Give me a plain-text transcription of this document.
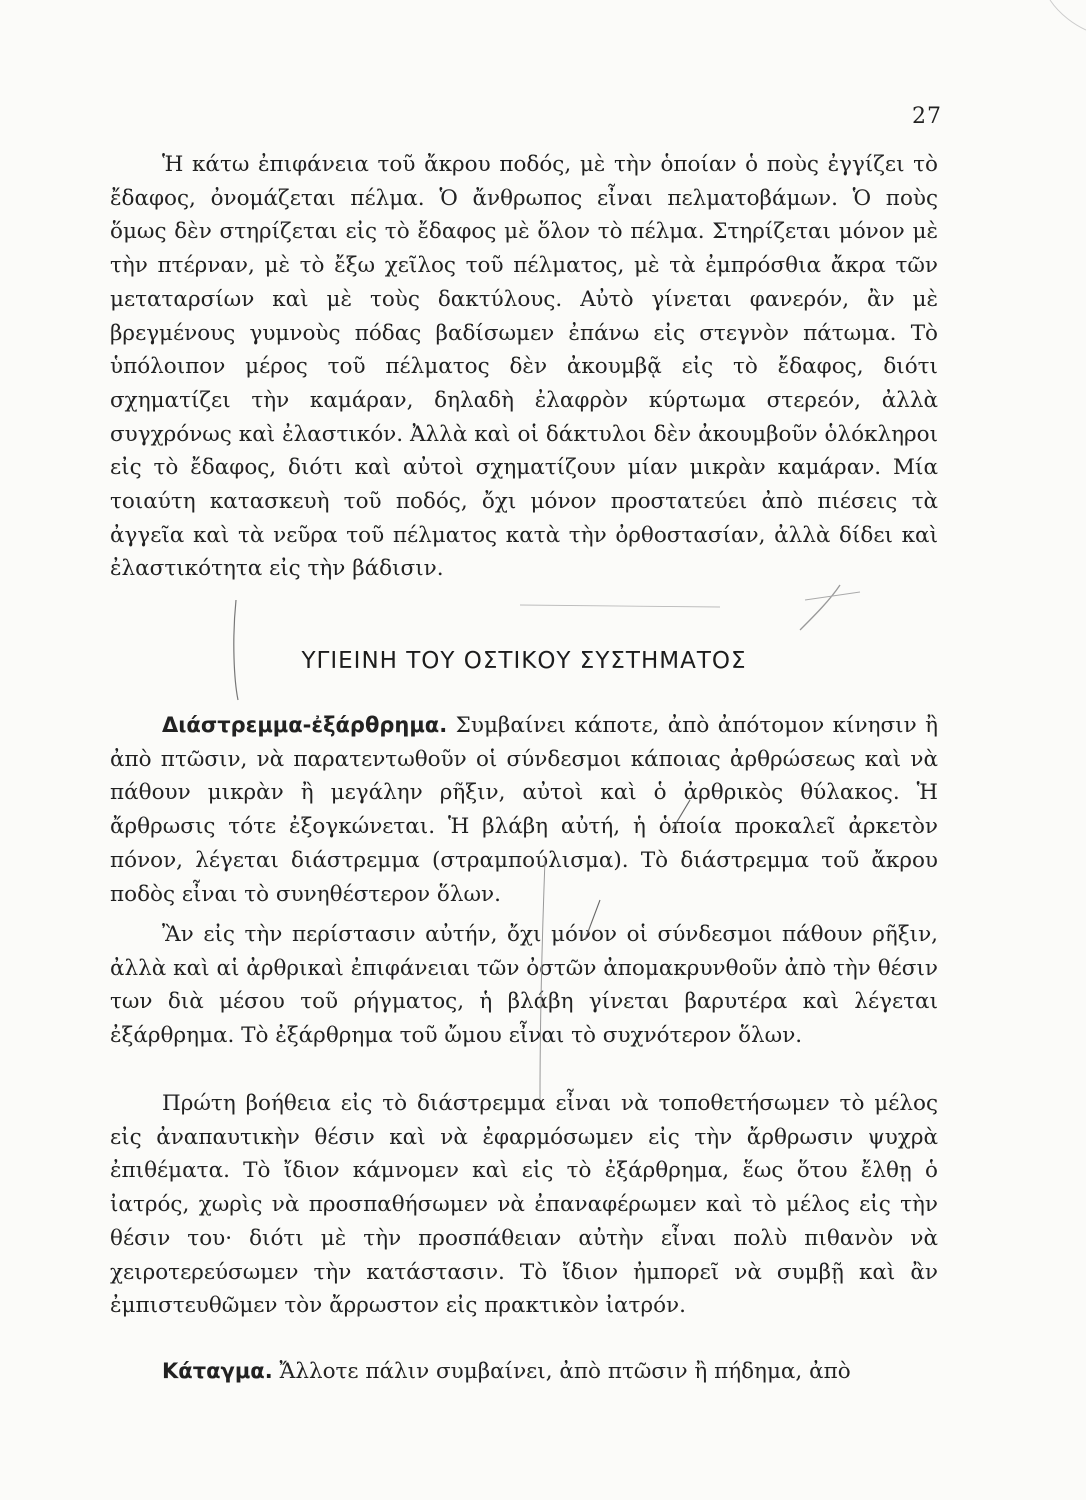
27

Ἡ κάτω ἐπιφάνεια τοῦ ἄκρου ποδός, μὲ τὴν ὁποίαν ὁ ποὺς ἐγγίζει τὸ ἔδαφος, ὀνομάζεται πέλμα. Ὁ ἄνθρωπος εἶναι πελματοβάμων. Ὁ ποὺς ὅμως δὲν στηρίζεται εἰς τὸ ἔδαφος μὲ ὅλον τὸ πέλμα. Στηρίζεται μόνον μὲ τὴν πτέρναν, μὲ τὸ ἔξω χεῖλος τοῦ πέλματος, μὲ τὰ ἐμπρόσθια ἄκρα τῶν μεταταρσίων καὶ μὲ τοὺς δακτύλους. Αὐτὸ γίνεται φανερόν, ἂν μὲ βρεγμένους γυμνοὺς πόδας βαδίσωμεν ἐπάνω εἰς στεγνὸν πάτωμα. Τὸ ὑπόλοιπον μέρος τοῦ πέλματος δὲν ἀκουμβᾷ εἰς τὸ ἔδαφος, διότι σχηματίζει τὴν καμάραν, δηλαδὴ ἐλαφρὸν κύρτωμα στερεόν, ἀλλὰ συγχρόνως καὶ ἐλαστικόν. Ἀλλὰ καὶ οἱ δάκτυλοι δὲν ἀκουμβοῦν ὁλόκληροι εἰς τὸ ἔδαφος, διότι καὶ αὐτοὶ σχηματίζουν μίαν μικρὰν καμάραν. Μία τοιαύτη κατασκευὴ τοῦ ποδός, ὄχι μόνον προστατεύει ἀπὸ πιέσεις τὰ ἀγγεῖα καὶ τὰ νεῦρα τοῦ πέλματος κατὰ τὴν ὀρθοστασίαν, ἀλλὰ δίδει καὶ ἐλαστικότητα εἰς τὴν βάδισιν.

ΥΓΙΕΙΝΗ ΤΟΥ ΟΣΤΙΚΟΥ ΣΥΣΤΗΜΑΤΟΣ

Διάστρεμμα-ἐξάρθρημα. Συμβαίνει κάποτε, ἀπὸ ἀπότομον κίνησιν ἢ ἀπὸ πτῶσιν, νὰ παρατεντωθοῦν οἱ σύνδεσμοι κάποιας ἀρθρώσεως καὶ νὰ πάθουν μικρὰν ἢ μεγάλην ρῆξιν, αὐτοὶ καὶ ὁ ἀρθρικὸς θύλακος. Ἡ ἄρθρωσις τότε ἐξογκώνεται. Ἡ βλάβη αὐτή, ἡ ὁποία προκαλεῖ ἀρκετὸν πόνον, λέγεται διάστρεμμα (στραμπούλισμα). Τὸ διάστρεμμα τοῦ ἄκρου ποδὸς εἶναι τὸ συνηθέστερον ὅλων.

Ἂν εἰς τὴν περίστασιν αὐτήν, ὄχι μόνον οἱ σύνδεσμοι πάθουν ρῆξιν, ἀλλὰ καὶ αἱ ἀρθρικαὶ ἐπιφάνειαι τῶν ὀστῶν ἀπομακρυνθοῦν ἀπὸ τὴν θέσιν των διὰ μέσου τοῦ ρήγματος, ἡ βλάβη γίνεται βαρυτέρα καὶ λέγεται ἐξάρθρημα. Τὸ ἐξάρθρημα τοῦ ὤμου εἶναι τὸ συχνότερον ὅλων.

Πρώτη βοήθεια εἰς τὸ διάστρεμμα εἶναι νὰ τοποθετήσωμεν τὸ μέλος εἰς ἀναπαυτικὴν θέσιν καὶ νὰ ἐφαρμόσωμεν εἰς τὴν ἄρθρωσιν ψυχρὰ ἐπιθέματα. Τὸ ἴδιον κάμνομεν καὶ εἰς τὸ ἐξάρθρημα, ἕως ὅτου ἔλθῃ ὁ ἰατρός, χωρὶς νὰ προσπαθήσωμεν νὰ ἐπαναφέρωμεν καὶ τὸ μέλος εἰς τὴν θέσιν του· διότι μὲ τὴν προσπάθειαν αὐτὴν εἶναι πολὺ πιθανὸν νὰ χειροτερεύσωμεν τὴν κατάστασιν. Τὸ ἴδιον ἠμπορεῖ νὰ συμβῇ καὶ ἂν ἐμπιστευθῶμεν τὸν ἄρρωστον εἰς πρακτικὸν ἰατρόν.

Κάταγμα. Ἄλλοτε πάλιν συμβαίνει, ἀπὸ πτῶσιν ἢ πήδημα, ἀπὸ
